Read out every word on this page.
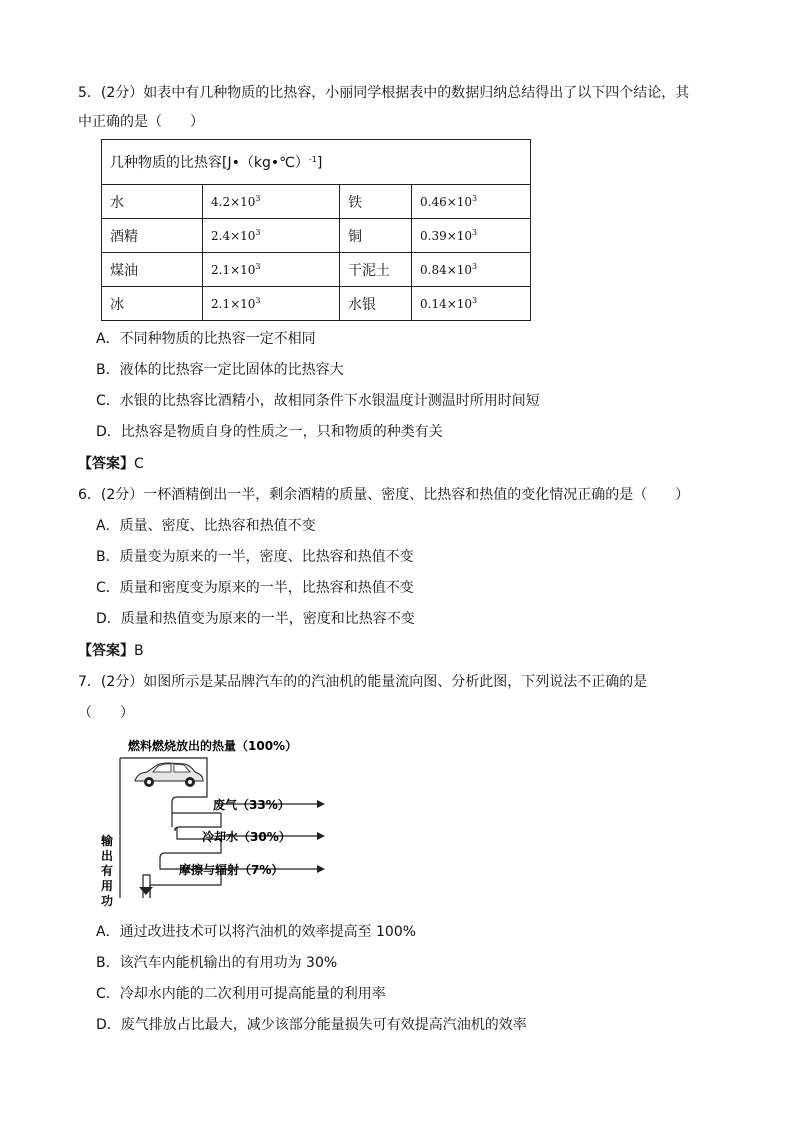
5．(2分）如表中有几种物质的比热容，小丽同学根据表中的数据归纳总结得出了以下四个结论，其
中正确的是（　　）
几种物质的比热容[J•（kg•℃）$^{-1}$]			
水	$4.2\times 10^3$	铁	$0.46\times 10^3$
酒精	$2.4\times 10^3$	铜	$0.39\times 10^3$
煤油	$2.1\times 10^3$	干泥土	$0.84\times 10^3$
冰	$2.1\times 10^3$	水银	$0.14\times 10^3$
A．不同种物质的比热容一定不相同
B．液体的比热容一定比固体的比热容大
C．水银的比热容比酒精小，故相同条件下水银温度计测温时所用时间短
D．比热容是物质自身的性质之一，只和物质的种类有关
【答案】C
6．(2分）一杯酒精倒出一半，剩余酒精的质量、密度、比热容和热值的变化情况正确的是（　　）
A．质量、密度、比热容和热值不变
B．质量变为原来的一半，密度、比热容和热值不变
C．质量和密度变为原来的一半，比热容和热值不变
D．质量和热值变为原来的一半，密度和比热容不变
【答案】B
7．(2分）如图所示是某品牌汽车的的汽油机的能量流向图、分析此图，下列说法不正确的是
（　　）
燃料燃烧放出的热量（100%）
废气（33%）
冷却水（30%）
摩擦与辐射（7%）
输
出
有
用
功
A．通过改进技术可以将汽油机的效率提高至 100%
B．该汽车内能机输出的有用功为 30%
C．冷却水内能的二次利用可提高能量的利用率
D．废气排放占比最大，减少该部分能量损失可有效提高汽油机的效率
